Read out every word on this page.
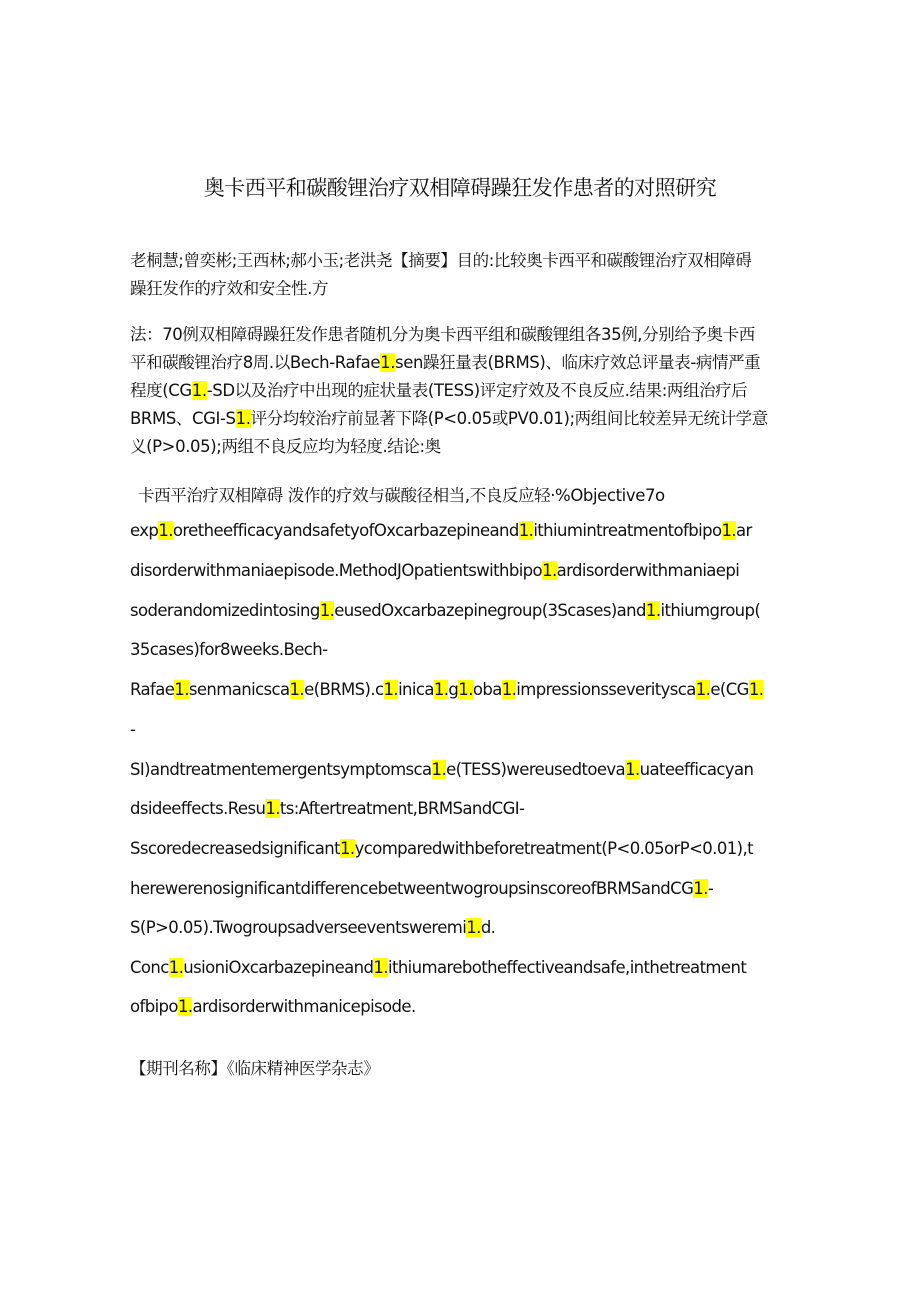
奥卡西平和碳酸锂治疗双相障碍躁狂发作患者的对照研究
老桐慧;曾奕彬;王西林;郝小玉;老洪尧【摘要】目的:比较奥卡西平和碳酸锂治疗双相障碍
躁狂发作的疗效和安全性.方
法：70例双相障碍躁狂发作患者随机分为奥卡西平组和碳酸锂组各35例,分别给予奥卡西
平和碳酸锂治疗8周.以Bech-Rafae1.sen躁狂量表(BRMS)、临床疗效总评量表-病情严重
程度(CG1.-SD以及治疗中出现的症状量表(TESS)评定疗效及不良反应.结果:两组治疗后
BRMS、CGI-S1.评分均较治疗前显著下降(P<0.05或PV0.01);两组间比较差异无统计学意
义(P>0.05);两组不良反应均为轻度.结论:奥
卡西平治疗双相障碍 泼作的疗效与碳酸径相当,不良反应轻·%Objective7o
exp1.oretheefficacyandsafetyofOxcarbazepineand1.ithiumintreatmentofbipo1.ar
disorderwithmaniaepisode.MethodJOpatientswithbipo1.ardisorderwithmaniaepi
soderandomizedintosing1.eusedOxcarbazepinegroup(3Scases)and1.ithiumgroup(
35cases)for8weeks.Bech-
Rafae1.senmanicsca1.e(BRMS).c1.inica1.g1.oba1.impressionsseveritysca1.e(CG1.
-
SI)andtreatmentemergentsymptomsca1.e(TESS)wereusedtoeva1.uateefficacyan
dsideeffects.Resu1.ts:Aftertreatment,BRMSandCGI-
Sscoredecreasedsignificant1.ycomparedwithbeforetreatment(P<0.05orP<0.01),t
herewerenosignificantdifferencebetweentwogroupsinscoreofBRMSandCG1.-
S(P>0.05).Twogroupsadverseeventsweremi1.d.
Conc1.usioniOxcarbazepineand1.ithiumarebotheffectiveandsafe,inthetreatment
ofbipo1.ardisorderwithmanicepisode.
【期刊名称】《临床精神医学杂志》
